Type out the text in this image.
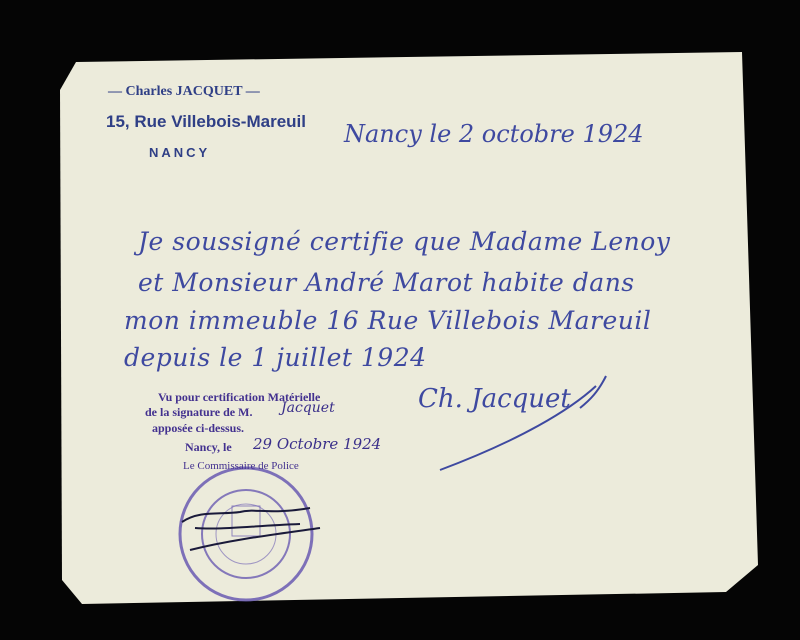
— Charles JACQUET —
15, Rue Villebois-Mareuil
NANCY
Nancy le 2 octobre 1924
Je soussigné certifie que Madame Lenoy
et Monsieur André Marot habite dans
mon immeuble 16 Rue Villebois Mareuil
depuis le 1 juillet 1924
Ch. Jacquet
Vu pour certification Matérielle
de la signature de M.
apposée ci-dessus.
Nancy, le
Le Commissaire de Police
Jacquet
29 Octobre 1924
